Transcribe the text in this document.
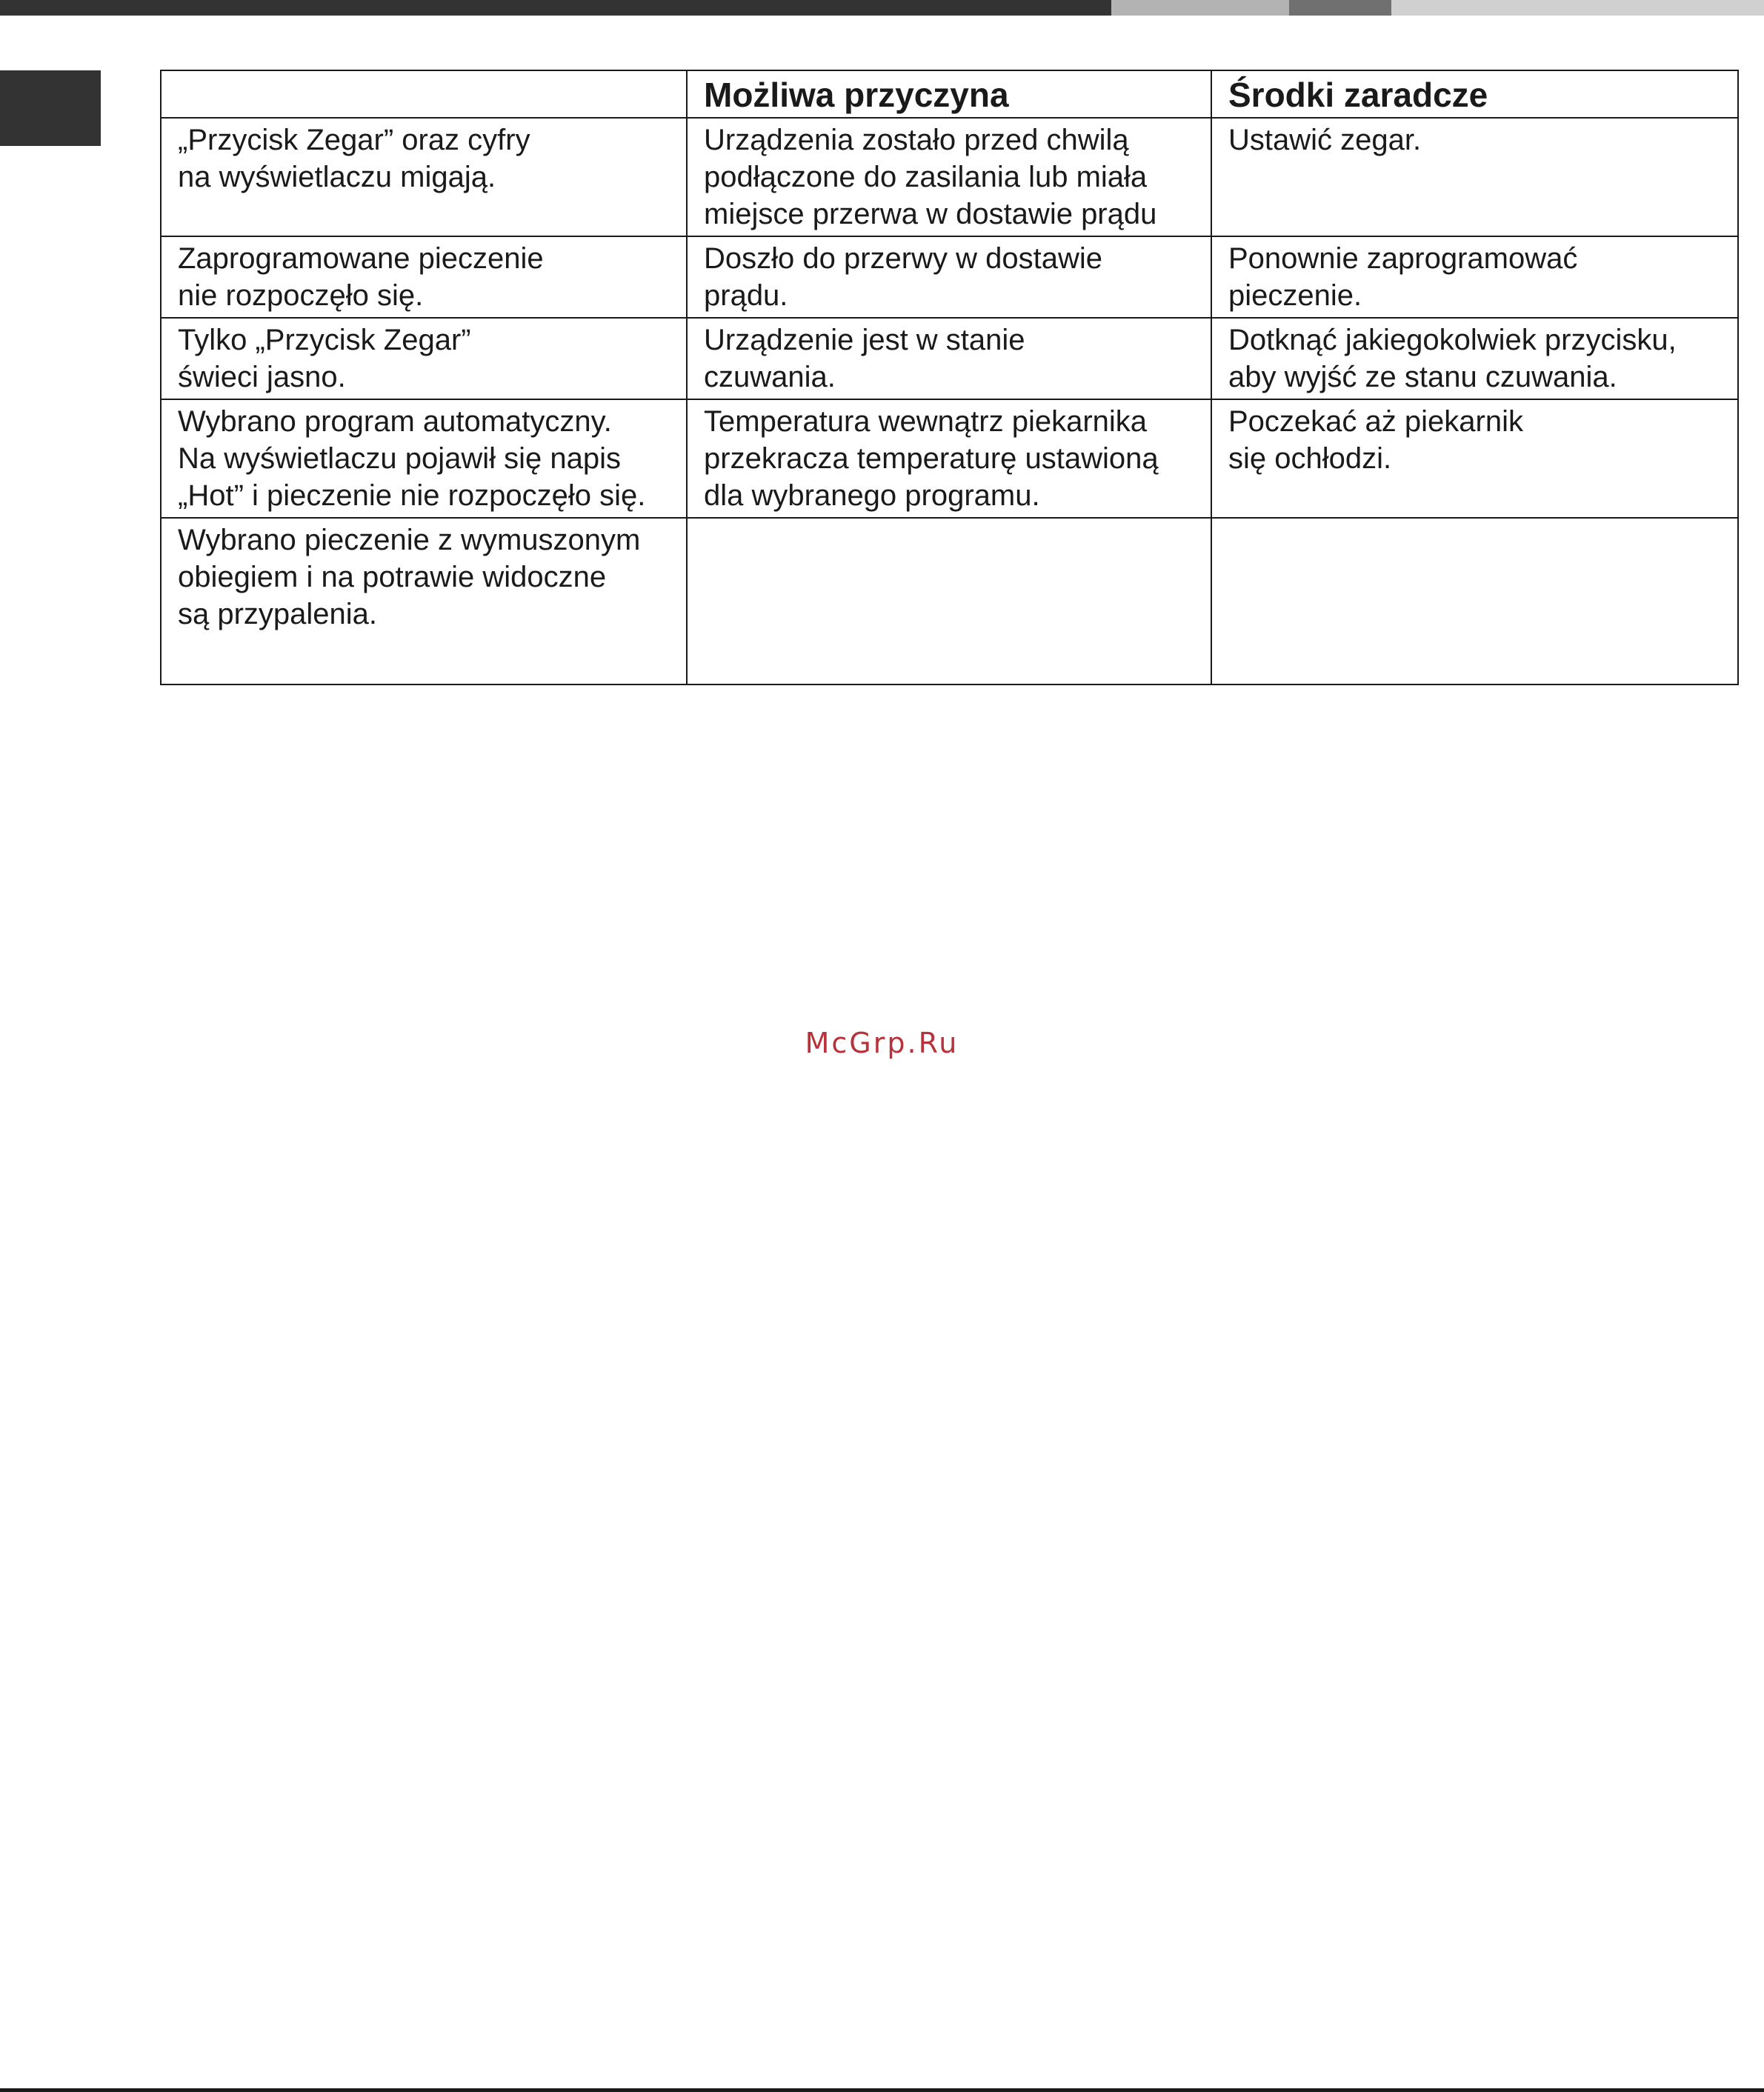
	Możliwa przyczyna	Środki zaradcze

„Przycisk Zegar” oraz cyfry
na wyświetlaczu migają.	Urządzenia zostało przed chwilą
podłączone do zasilania lub miała
miejsce przerwa w dostawie prądu	Ustawić zegar.

Zaprogramowane pieczenie
nie rozpoczęło się.	Doszło do przerwy w dostawie
prądu.	Ponownie zaprogramować
pieczenie.

Tylko „Przycisk Zegar”
świeci jasno.	Urządzenie jest w stanie
czuwania.	Dotknąć jakiegokolwiek przycisku,
aby wyjść ze stanu czuwania.

Wybrano program automatyczny.
Na wyświetlaczu pojawił się napis
„Hot” i pieczenie nie rozpoczęło się.	Temperatura wewnątrz piekarnika
przekracza temperaturę ustawioną
dla wybranego programu.	Poczekać aż piekarnik
się ochłodzi.

Wybrano pieczenie z wymuszonym
obiegiem i na potrawie widoczne
są przypalenia.		

McGrp.Ru
